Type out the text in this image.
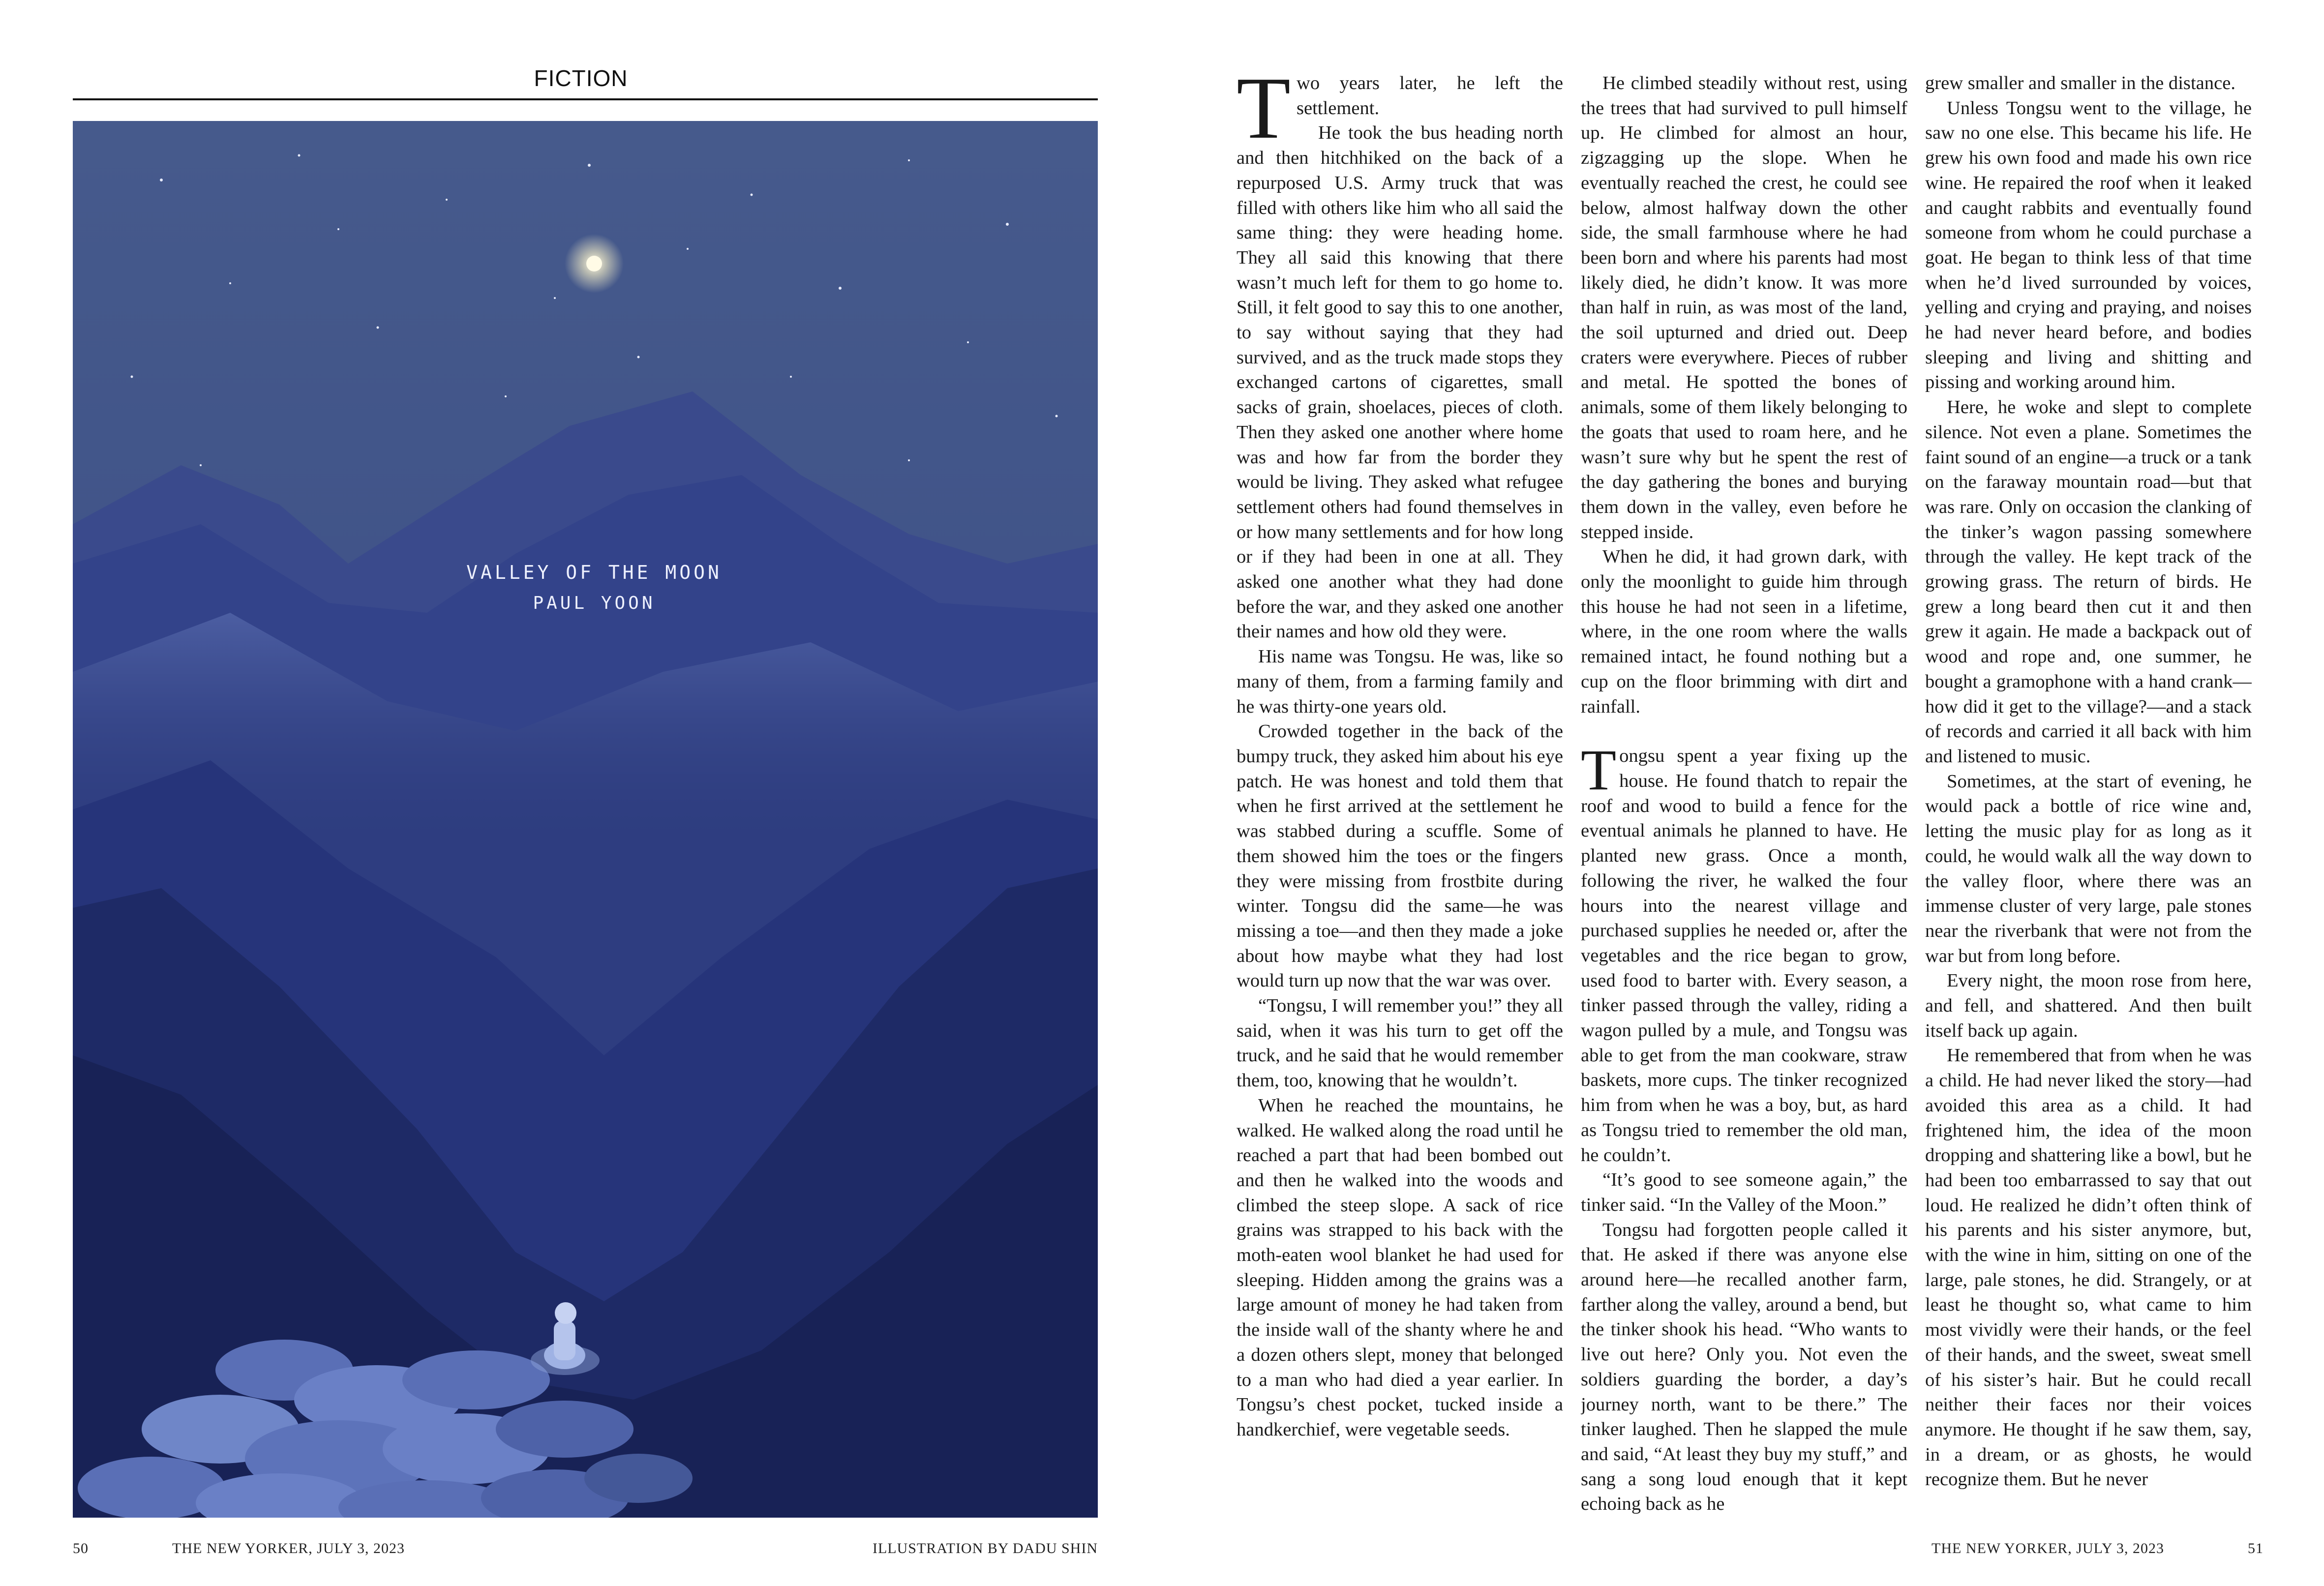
FICTION
VALLEY OF THE MOON
PAUL YOON
50	THE NEW YORKER, JULY 3, 2023	ILLUSTRATION BY DADU SHIN

Two years later, he left the settlement.

He took the bus heading north and then hitchhiked on the back of a repurposed U.S. Army truck that was filled with others like him who all said the same thing: they were heading home. They all said this knowing that there wasn’t much left for them to go home to. Still, it felt good to say this to one another, to say without saying that they had survived, and as the truck made stops they exchanged cartons of cigarettes, small sacks of grain, shoelaces, pieces of cloth. Then they asked one another where home was and how far from the border they would be living. They asked what refugee settlement others had found themselves in or how many settlements and for how long or if they had been in one at all. They asked one another what they had done before the war, and they asked one another their names and how old they were.

His name was Tongsu. He was, like so many of them, from a farming family and he was thirty-one years old.

Crowded together in the back of the bumpy truck, they asked him about his eye patch. He was honest and told them that when he first arrived at the settlement he was stabbed during a scuffle. Some of them showed him the toes or the fingers they were missing from frostbite during winter. Tongsu did the same—he was missing a toe—and then they made a joke about how maybe what they had lost would turn up now that the war was over.

“Tongsu, I will remember you!” they all said, when it was his turn to get off the truck, and he said that he would remember them, too, knowing that he wouldn’t.

When he reached the mountains, he walked. He walked along the road until he reached a part that had been bombed out and then he walked into the woods and climbed the steep slope. A sack of rice grains was strapped to his back with the moth-eaten wool blanket he had used for sleeping. Hidden among the grains was a large amount of money he had taken from the inside wall of the shanty where he and a dozen others slept, money that belonged to a man who had died a year earlier. In Tongsu’s chest pocket, tucked inside a handkerchief, were vegetable seeds.

He climbed steadily without rest, using the trees that had survived to pull himself up. He climbed for almost an hour, zigzagging up the slope. When he eventually reached the crest, he could see below, almost halfway down the other side, the small farmhouse where he had been born and where his parents had most likely died, he didn’t know. It was more than half in ruin, as was most of the land, the soil upturned and dried out. Deep craters were everywhere. Pieces of rubber and metal. He spotted the bones of animals, some of them likely belonging to the goats that used to roam here, and he wasn’t sure why but he spent the rest of the day gathering the bones and burying them down in the valley, even before he stepped inside.

When he did, it had grown dark, with only the moonlight to guide him through this house he had not seen in a lifetime, where, in the one room where the walls remained intact, he found nothing but a cup on the floor brimming with dirt and rainfall.

Tongsu spent a year fixing up the house. He found thatch to repair the roof and wood to build a fence for the eventual animals he planned to have. He planted new grass. Once a month, following the river, he walked the four hours into the nearest village and purchased supplies he needed or, after the vegetables and the rice began to grow, used food to barter with. Every season, a tinker passed through the valley, riding a wagon pulled by a mule, and Tongsu was able to get from the man cookware, straw baskets, more cups. The tinker recognized him from when he was a boy, but, as hard as Tongsu tried to remember the old man, he couldn’t.

“It’s good to see someone again,” the tinker said. “In the Valley of the Moon.”

Tongsu had forgotten people called it that. He asked if there was anyone else around here—he recalled another farm, farther along the valley, around a bend, but the tinker shook his head. “Who wants to live out here? Only you. Not even the soldiers guarding the border, a day’s journey north, want to be there.” The tinker laughed. Then he slapped the mule and said, “At least they buy my stuff,” and sang a song loud enough that it kept echoing back as he

grew smaller and smaller in the distance.

Unless Tongsu went to the village, he saw no one else. This became his life. He grew his own food and made his own rice wine. He repaired the roof when it leaked and caught rabbits and eventually found someone from whom he could purchase a goat. He began to think less of that time when he’d lived surrounded by voices, yelling and crying and praying, and noises he had never heard before, and bodies sleeping and living and shitting and pissing and working around him.

Here, he woke and slept to complete silence. Not even a plane. Sometimes the faint sound of an engine—a truck or a tank on the faraway mountain road—but that was rare. Only on occasion the clanking of the tinker’s wagon passing somewhere through the valley. He kept track of the growing grass. The return of birds. He grew a long beard then cut it and then grew it again. He made a backpack out of wood and rope and, one summer, he bought a gramophone with a hand crank—how did it get to the village?—and a stack of records and carried it all back with him and listened to music.

Sometimes, at the start of evening, he would pack a bottle of rice wine and, letting the music play for as long as it could, he would walk all the way down to the valley floor, where there was an immense cluster of very large, pale stones near the riverbank that were not from the war but from long before.

Every night, the moon rose from here, and fell, and shattered. And then built itself back up again.

He remembered that from when he was a child. He had never liked the story—had avoided this area as a child. It had frightened him, the idea of the moon dropping and shattering like a bowl, but he had been too embarrassed to say that out loud. He realized he didn’t often think of his parents and his sister anymore, but, with the wine in him, sitting on one of the large, pale stones, he did. Strangely, or at least he thought so, what came to him most vividly were their hands, or the feel of their hands, and the sweet, sweat smell of his sister’s hair. But he could recall neither their faces nor their voices anymore. He thought if he saw them, say, in a dream, or as ghosts, he would recognize them. But he never

THE NEW YORKER, JULY 3, 2023	51
